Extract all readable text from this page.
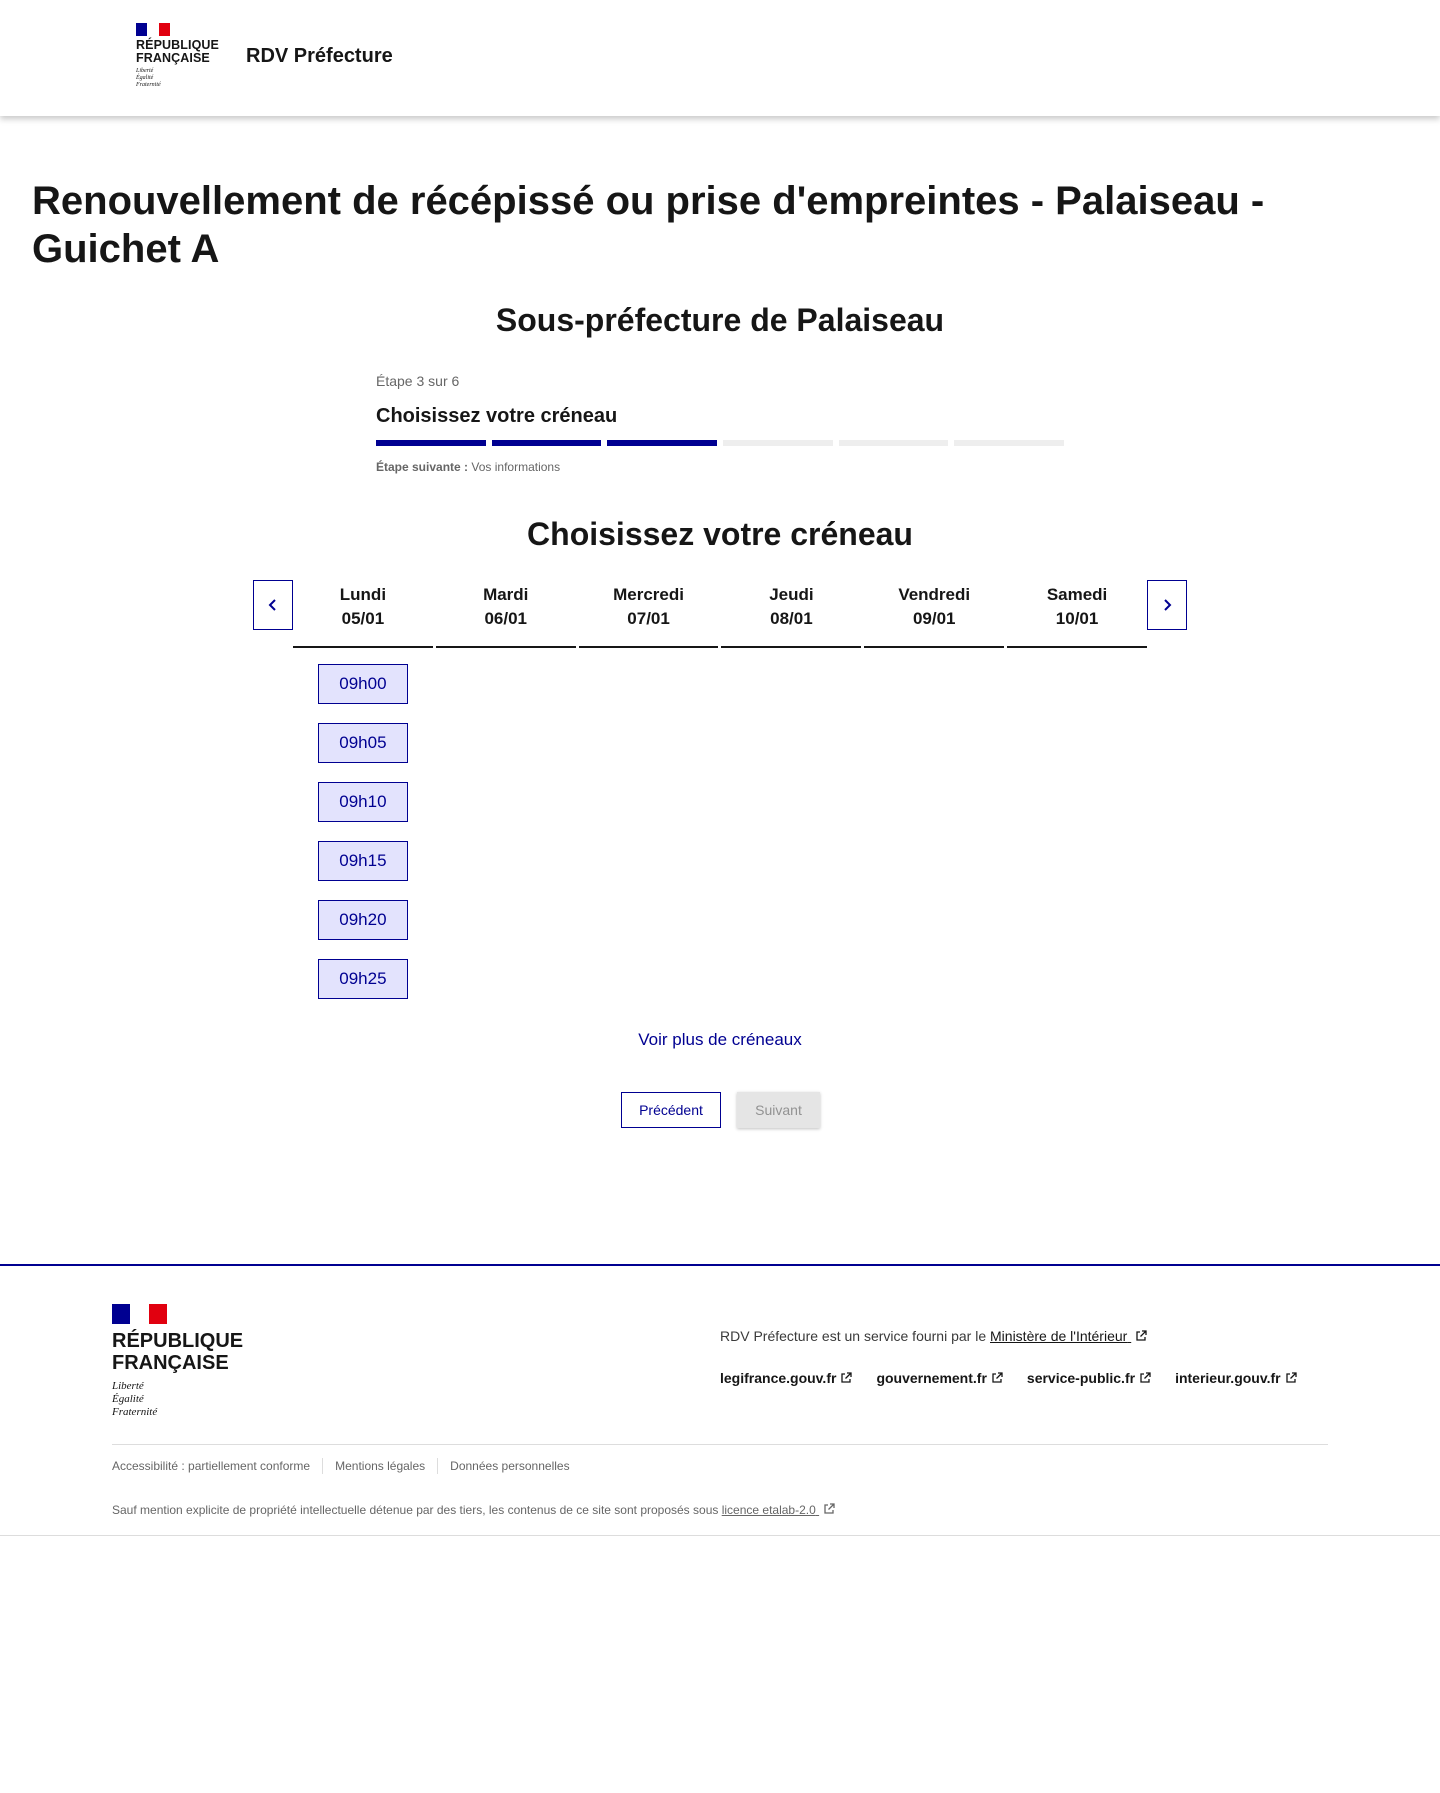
RÉPUBLIQUE
FRANÇAISE
Liberté
Égalité
Fraternité
RDV Préfecture
Renouvellement de récépissé ou prise d'empreintes - Palaiseau - Guichet A
Sous-préfecture de Palaiseau
Étape 3 sur 6
Choisissez votre créneau
Étape suivante : Vos informations
Choisissez votre créneau
Lundi
05/01
09h00
09h05
09h10
09h15
09h20
09h25
Mardi
06/01
Mercredi
07/01
Jeudi
08/01
Vendredi
09/01
Samedi
10/01
Voir plus de créneaux
Précédent	Suivant
RÉPUBLIQUE
FRANÇAISE
Liberté
Égalité
Fraternité
RDV Préfecture est un service fourni par le Ministère de l'Intérieur
legifrance.gouv.fr	gouvernement.fr	service-public.fr	interieur.gouv.fr
Accessibilité : partiellement conforme Mentions légales Données personnelles
Sauf mention explicite de propriété intellectuelle détenue par des tiers, les contenus de ce site sont proposés sous licence etalab-2.0
